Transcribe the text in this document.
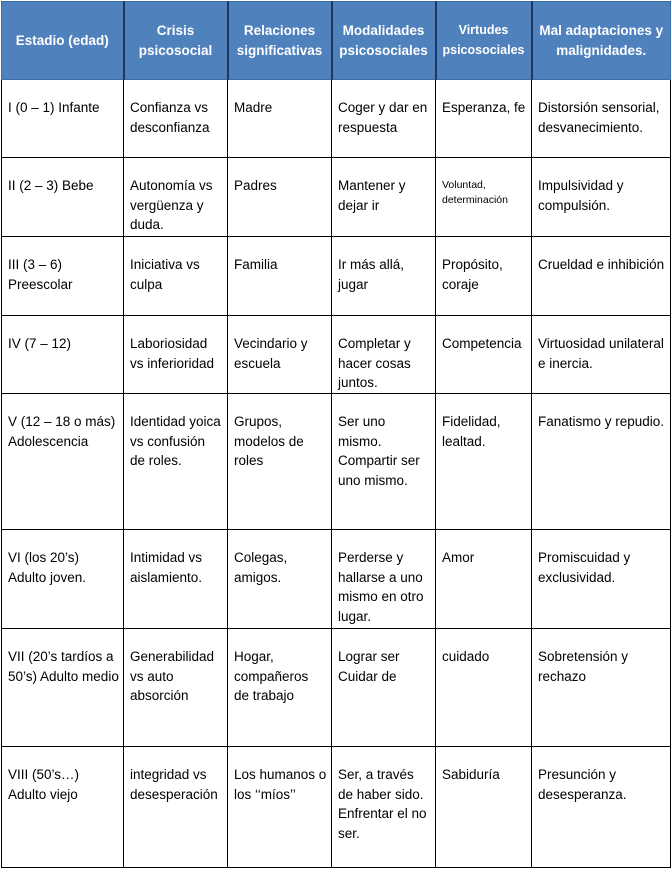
Estadio (edad)	Crisis psicosocial	Relaciones significativas	Modalidades psicosociales	Virtudes psicosociales	Mal adaptaciones y malignidades.

I (0 – 1) Infante	Confianza vs desconfianza	Madre	Coger y dar en respuesta	Esperanza, fe	Distorsión sensorial, desvanecimiento.

II (2 – 3) Bebe	Autonomía vs vergüenza y duda.	Padres	Mantener y dejar ir	Voluntad, determinación	Impulsividad y compulsión.

III (3 – 6) Preescolar	Iniciativa vs culpa	Familia	Ir más allá, jugar	Propósito, coraje	Crueldad e inhibición

IV (7 – 12)	Laboriosidad vs inferioridad	Vecindario y escuela	Completar y hacer cosas juntos.	Competencia	Virtuosidad unilateral e inercia.

V (12 – 18 o más) Adolescencia	Identidad yoica vs confusión de roles.	Grupos, modelos de roles	Ser uno mismo. Compartir ser uno mismo.	Fidelidad, lealtad.	Fanatismo y repudio.

VI (los 20’s) Adulto joven.	Intimidad vs aislamiento.	Colegas, amigos.	Perderse y hallarse a uno mismo en otro lugar.	Amor	Promiscuidad y exclusividad.

VII (20’s tardíos a 50’s) Adulto medio	Generabilidad vs auto absorción	Hogar, compañeros de trabajo	Lograr ser Cuidar de	cuidado	Sobretensión y rechazo

VIII (50’s…) Adulto viejo	integridad vs desesperación	Los humanos o los ‘‘míos’’	Ser, a través de haber sido. Enfrentar el no ser.	Sabiduría	Presunción y desesperanza.
